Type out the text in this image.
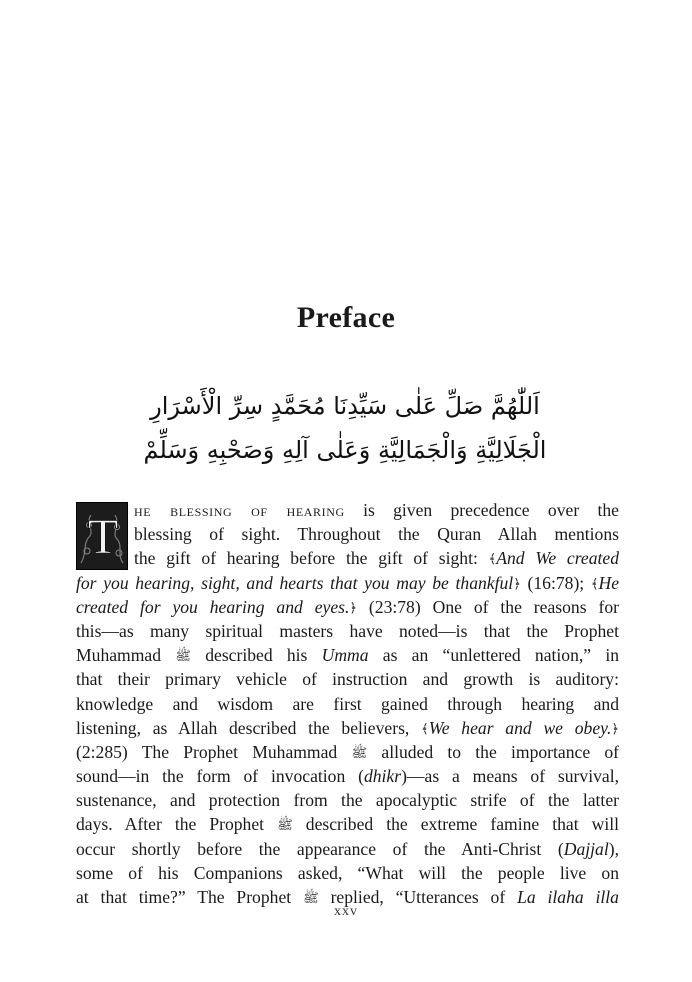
Preface
اَللّٰهُمَّ صَلِّ عَلٰى سَيِّدِنَا مُحَمَّدٍ سِرِّ الْأَسْرَارِ
الْجَلَالِيَّةِ وَالْجَمَالِيَّةِ وَعَلٰى آلِهِ وَصَحْبِهِ وَسَلِّمْ
T he blessing of hearing is given precedence over the
blessing of sight. Throughout the Quran Allah mentions
the gift of hearing before the gift of sight: ﴾And We created
for you hearing, sight, and hearts that you may be thankful﴿ (16:78); ﴾He
created for you hearing and eyes.﴿ (23:78) One of the reasons for
this—as many spiritual masters have noted—is that the Prophet
Muhammad ﷺ described his Umma as an “unlettered nation,” in
that their primary vehicle of instruction and growth is auditory:
knowledge and wisdom are first gained through hearing and
listening, as Allah described the believers, ﴾We hear and we obey.﴿
(2:285) The Prophet Muhammad ﷺ alluded to the importance of
sound—in the form of invocation (dhikr)—as a means of survival,
sustenance, and protection from the apocalyptic strife of the latter
days. After the Prophet ﷺ described the extreme famine that will
occur shortly before the appearance of the Anti-Christ (Dajjal),
some of his Companions asked, “What will the people live on
at that time?” The Prophet ﷺ replied, “Utterances of La ilaha illa
xxv
